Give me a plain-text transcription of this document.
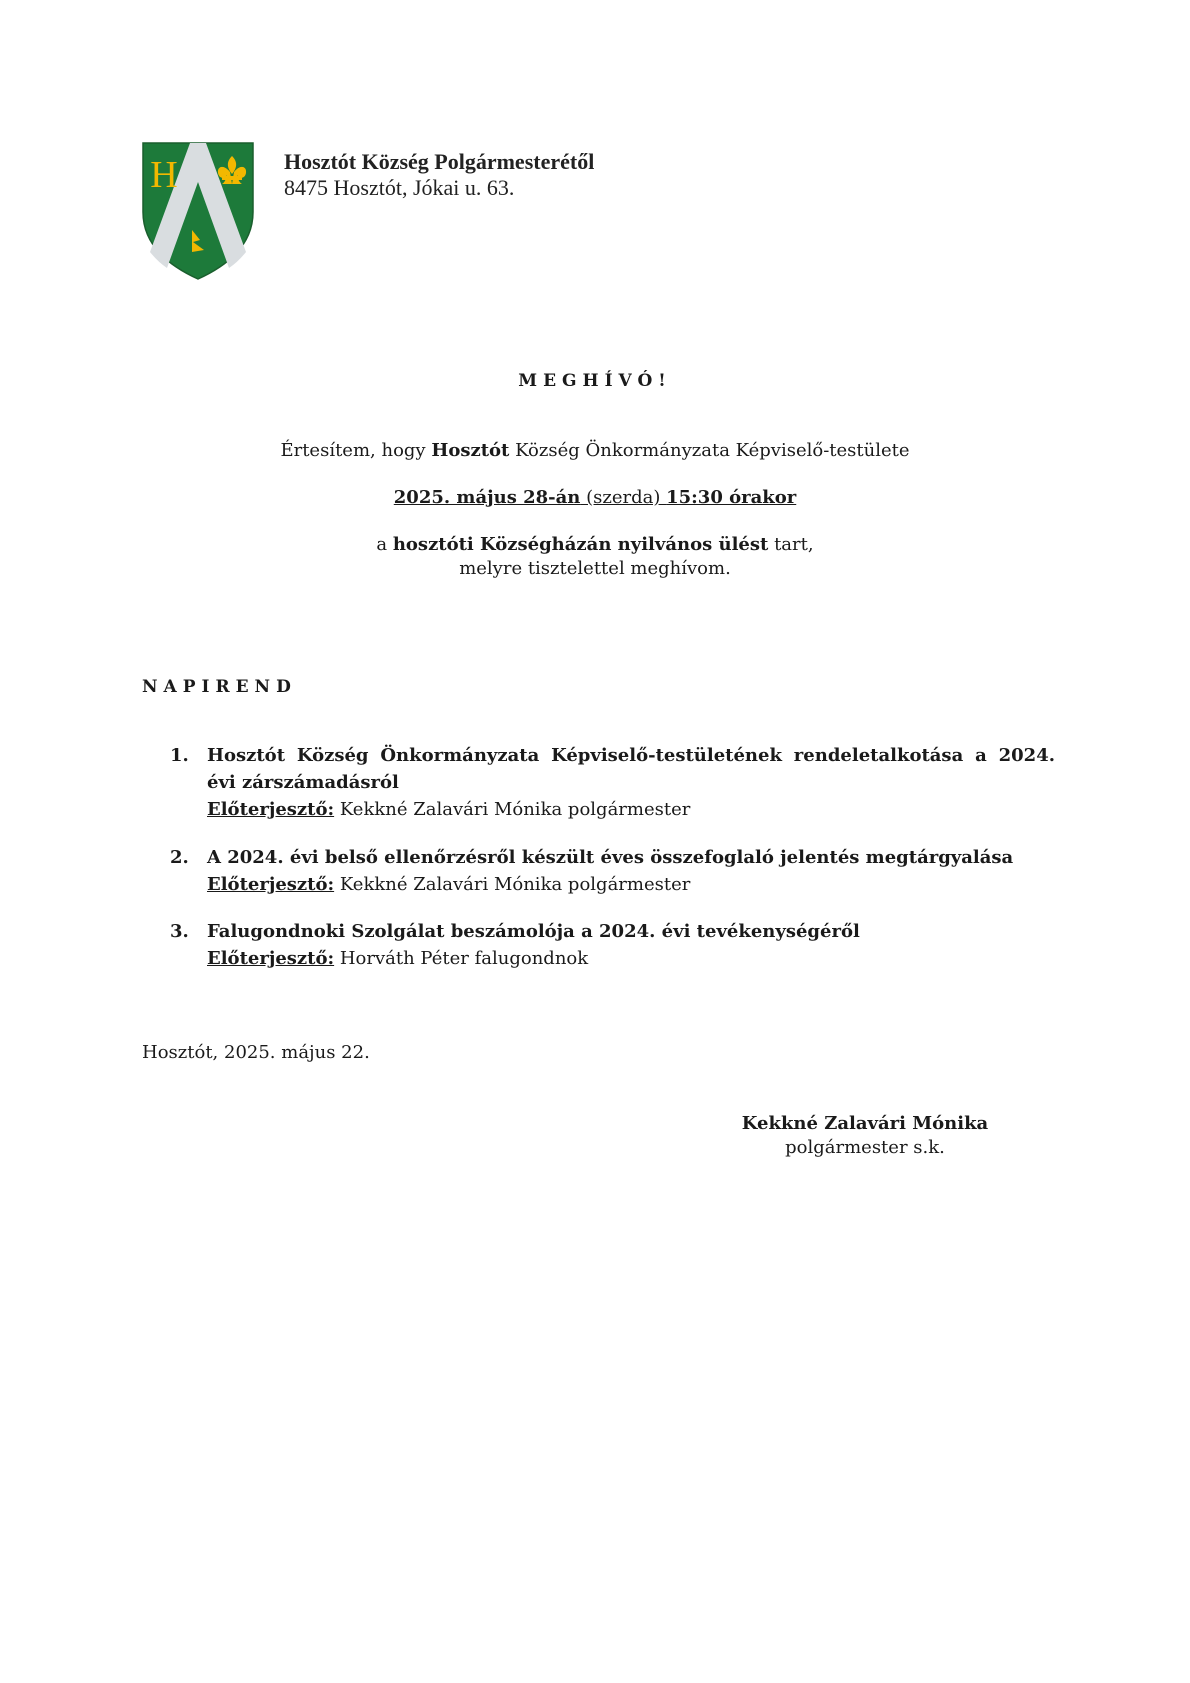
H	Hosztót Község Polgármesterétől
8475 Hosztót, Jókai u. 63.
MEGHÍVÓ!
Értesítem, hogy Hosztót Község Önkormányzata Képviselő-testülete
2025. május 28-án (szerda) 15:30 órakor
a hosztóti Községházán nyilvános ülést tart,
melyre tisztelettel meghívom.
NAPIREND
1. Hosztót Község Önkormányzata Képviselő-testületének rendeletalkotása a 2024. évi zárszámadásról
Előterjesztő: Kekkné Zalavári Mónika polgármester
2. A 2024. évi belső ellenőrzésről készült éves összefoglaló jelentés megtárgyalása
Előterjesztő: Kekkné Zalavári Mónika polgármester
3. Falugondnoki Szolgálat beszámolója a 2024. évi tevékenységéről
Előterjesztő: Horváth Péter falugondnok
Hosztót, 2025. május 22.
Kekkné Zalavári Mónika
polgármester s.k.
